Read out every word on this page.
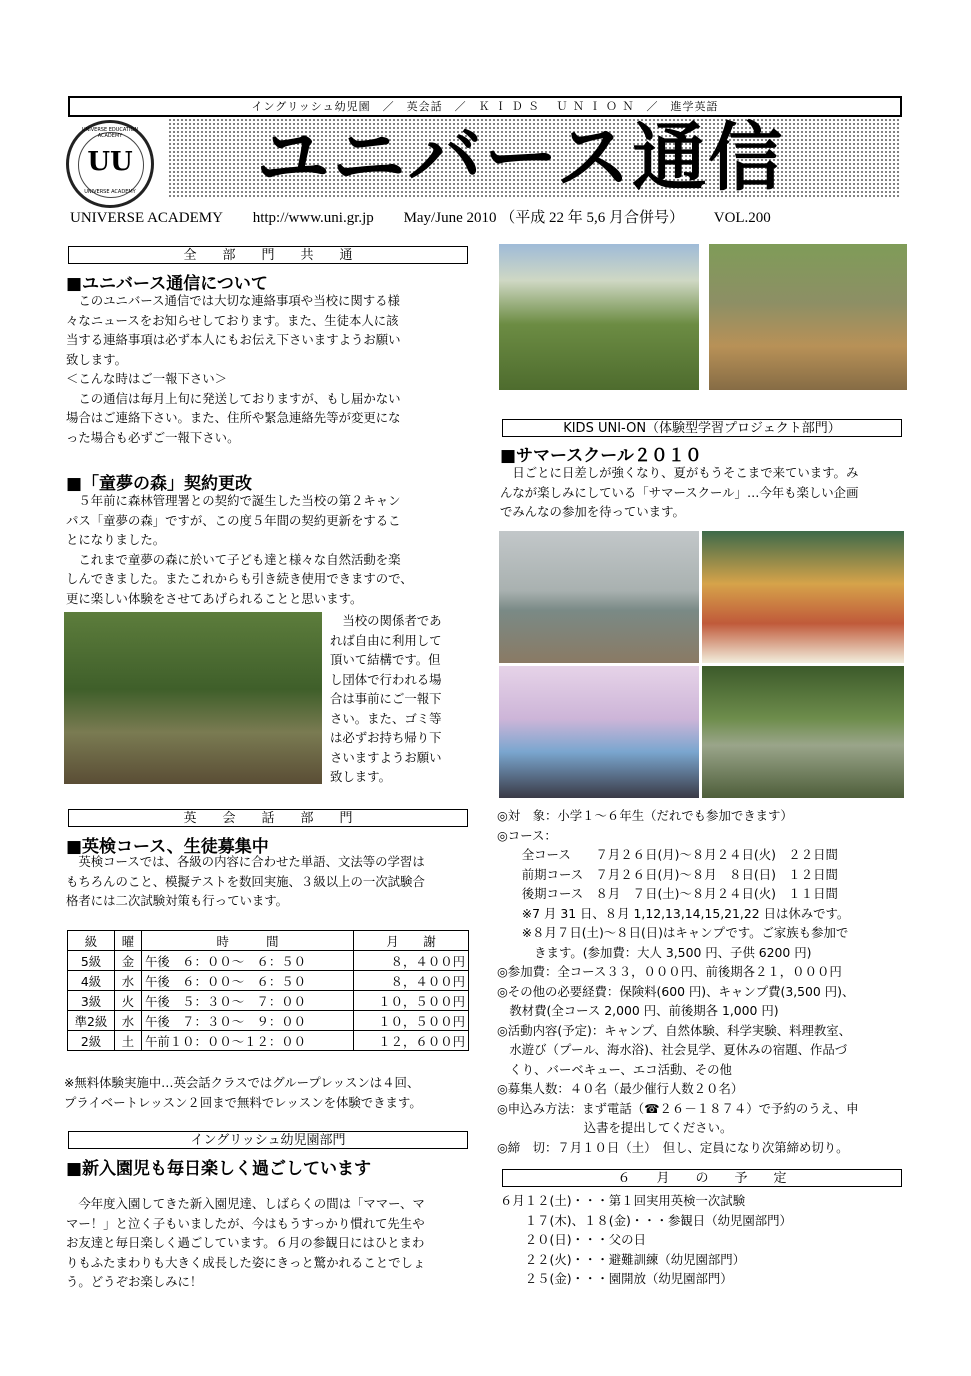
イングリッシュ幼児園　／　英会話　／　Ｋ Ｉ Ｄ Ｓ 　Ｕ Ｎ Ｉ Ｏ Ｎ　／　進学英語
UNIVERSE EDUCATION ACADEMY
UU
UNIVERSE ACADEMY ユニバース通信
UNIVERSE ACADEMY http://www.uni.gr.jp May/June 2010 （平成 22 年 5,6 月合併号） VOL.200
全　　部　　門　　共　　通
■ユニバース通信について

　このユニバース通信では大切な連絡事項や当校に関する様

々なニュースをお知らせしております。また、生徒本人に該

当する連絡事項は必ず本人にもお伝え下さいますようお願い

致します。

＜こんな時はご一報下さい＞

　この通信は毎月上旬に発送しておりますが、もし届かない

場合はご連絡下さい。また、住所や緊急連絡先等が変更にな

った場合も必ずご一報下さい。

■「童夢の森」契約更改

　５年前に森林管理署との契約で誕生した当校の第２キャン

パス「童夢の森」ですが、この度５年間の契約更新をするこ

とになりました。

　これまで童夢の森に於いて子ども達と様々な自然活動を楽

しんできました。またこれからも引き続き使用できますので、

更に楽しい体験をさせてあげられることと思います。

　当校の関係者であ

れば自由に利用して

頂いて結構です。但

し団体で行われる場

合は事前にご一報下

さい。また、ゴミ等

は必ずお持ち帰り下

さいますようお願い

致します。

英　　会　　話　　部　　門
■英検コース、生徒募集中

　英検コースでは、各級の内容に合わせた単語、文法等の学習は

もちろんのこと、模擬テストを数回実施、３級以上の一次試験合

格者には二次試験対策も行っています。

級	曜	時　　　間	月　　謝
5級	金	午後　６：００～　６：５０	８，４００円
4級	水	午後　６：００～　６：５０	８，４００円
3級	火	午後　５：３０～　７：００	１０，５００円
準2級	水	午後　７：３０～　９：００	１０，５００円
2級	土	午前１０：００～１２：００	１２，６００円

※無料体験実施中…英会話クラスではグループレッスンは４回、

プライベートレッスン２回まで無料でレッスンを体験できます。

イングリッシュ幼児園部門
■新入園児も毎日楽しく過ごしています

　今年度入園してきた新入園児達、しばらくの間は「ママー、マ

マー！」と泣く子もいましたが、今はもうすっかり慣れて先生や

お友達と毎日楽しく過ごしています。６月の参観日にはひとまわ

りもふたまわりも大きく成長した姿にきっと驚かれることでしょ

う。どうぞお楽しみに！

KIDS UNI-ON（体験型学習プロジェクト部門）
■サマースクール２０１０

　日ごとに日差しが強くなり、夏がもうそこまで来ています。み

んなが楽しみにしている「サマースクール」…今年も楽しい企画

でみんなの参加を待っています。

◎対　象：小学１～６年生（だれでも参加できます）

◎コース：

　　全コース　　７月２６日(月)～８月２４日(火)　２２日間

　　前期コース　７月２６日(月)～８月　８日(日)　１２日間

　　後期コース　８月　７日(土)～８月２４日(火)　１１日間

　　※7 月 31 日、８月 1,12,13,14,15,21,22 日は休みです。

　　※８月７日(土)～８日(日)はキャンプです。ご家族も参加で

　　　きます。(参加費：大人 3,500 円、子供 6200 円)

◎参加費：全コース３３，０００円、前後期各２１，０００円

◎その他の必要経費：保険料(600 円)、キャンプ費(3,500 円)、

　教材費(全コース 2,000 円、前後期各 1,000 円)

◎活動内容(予定)：キャンプ、自然体験、科学実験、料理教室、

　水遊び（プール、海水浴)、社会見学、夏休みの宿題、作品づ

　くり、バーベキュー、エコ活動、その他

◎募集人数：４０名（最少催行人数２０名）

◎申込み方法：まず電話（☎２６－１８７４）で予約のうえ、申

　　　　　　　込書を提出してください。

◎締　切：７月１０日（土）　但し、定員になり次第締め切り。

６　　月　　の　　予　　定

６月１２(土)・・・第１回実用英検一次試験

　　１７(木)、１８(金)・・・参観日（幼児園部門）

　　２０(日)・・・父の日

　　２２(火)・・・避難訓練（幼児園部門）

　　２５(金)・・・園開放（幼児園部門）
